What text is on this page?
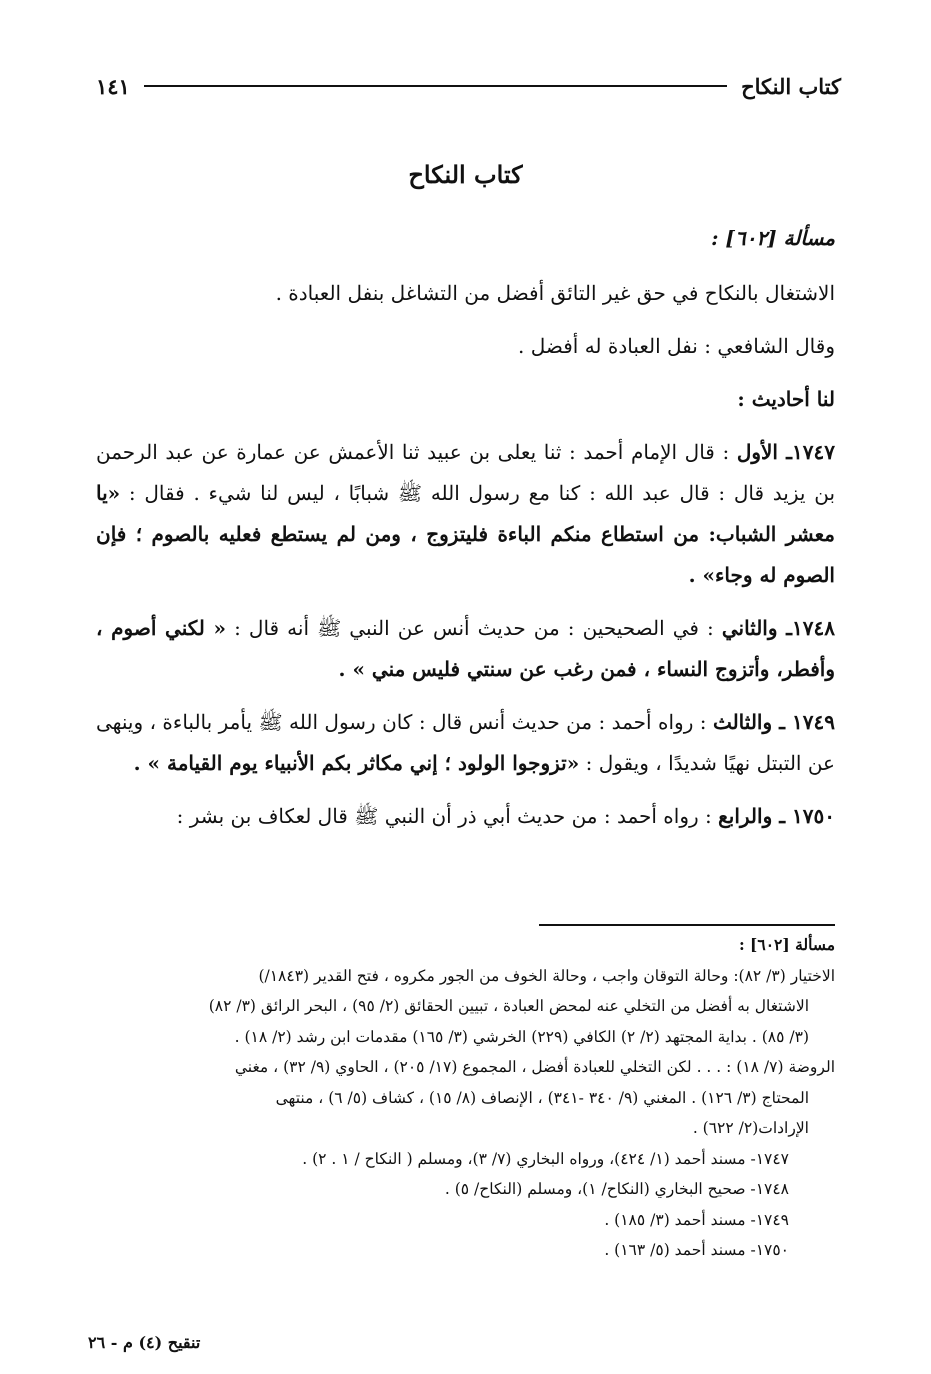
كتاب النكاح
١٤١
كتاب النكاح

مسألة [٦٠٢] :

الاشتغال بالنكاح في حق غير التائق أفضل من التشاغل بنفل العبادة .

وقال الشافعي : نفل العبادة له أفضل .

لنا أحاديث :

١٧٤٧ـ الأول : قال الإمام أحمد : ثنا يعلى بن عبيد ثنا الأعمش عن عمارة عن عبد الرحمن بن يزيد قال : قال عبد الله : كنا مع رسول الله ﷺ شبابًا ، ليس لنا شيء . فقال : «يا معشر الشباب: من استطاع منكم الباءة فليتزوج ، ومن لم يستطع فعليه بالصوم ؛ فإن الصوم له وجاء» .

١٧٤٨ـ والثاني : في الصحيحين : من حديث أنس عن النبي ﷺ أنه قال : « لكني أصوم ، وأفطر، وأتزوج النساء ، فمن رغب عن سنتي فليس مني » .

١٧٤٩ ـ والثالث : رواه أحمد : من حديث أنس قال : كان رسول الله ﷺ يأمر بالباءة ، وينهى عن التبتل نهيًا شديدًا ، ويقول : «تزوجوا الولود ؛ إني مكاثر بكم الأنبياء يوم القيامة » .

١٧٥٠ ـ والرابع : رواه أحمد : من حديث أبي ذر أن النبي ﷺ قال لعكاف بن بشر :

مسألة [٦٠٢] :

الاختيار (٣/ ٨٢): وحالة التوقان واجب ، وحالة الخوف من الجور مكروه ، فتح القدير (١٨٤٣/)

الاشتغال به أفضل من التخلي عنه لمحض العبادة ، تبيين الحقائق (٢/ ٩٥) ، البحر الرائق (٣/ ٨٢)

(٣/ ٨٥) . بداية المجتهد (٢/ ٢) الكافي (٢٢٩) الخرشي (٣/ ١٦٥) مقدمات ابن رشد (٢/ ١٨) .

الروضة (٧/ ١٨) : . . . لكن التخلي للعبادة أفضل ، المجموع (١٧/ ٢٠٥) ، الحاوي (٩/ ٣٢) ، مغني

المحتاج (٣/ ١٢٦) . المغني (٩/ ٣٤٠ -٣٤١) ، الإنصاف (٨/ ١٥) ، كشاف (٥/ ٦) ، منتهى

الإرادات(٢/ ٦٢٢) .

١٧٤٧- مسند أحمد (١/ ٤٢٤)، ورواه البخاري (٧/ ٣)، ومسلم ( النكاح / ١ . ٢) .

١٧٤٨- صحيح البخاري (النكاح/ ١)، ومسلم (النكاح/ ٥) .

١٧٤٩- مسند أحمد (٣/ ١٨٥) .

١٧٥٠- مسند أحمد (٥/ ١٦٣) .

تنقيح (٤) م - ٢٦
